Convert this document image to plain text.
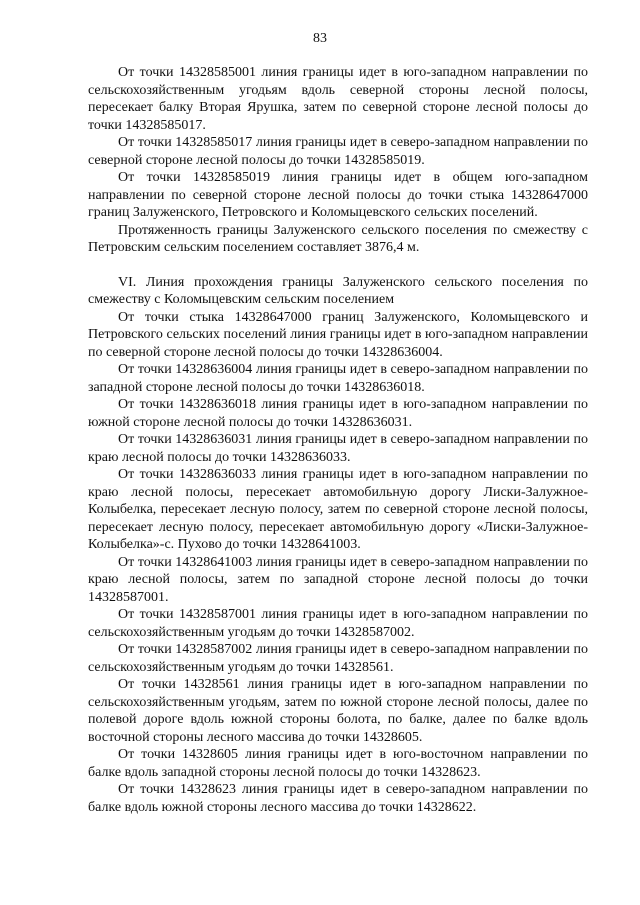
83

От точки 14328585001 линия границы идет в юго-западном направлении по сельскохозяйственным угодьям вдоль северной стороны лесной полосы, пересекает балку Вторая Ярушка, затем по северной стороне лесной полосы до точки 14328585017.

От точки 14328585017 линия границы идет в северо-западном направлении по северной стороне лесной полосы до точки 14328585019.

От точки 14328585019 линия границы идет в общем юго-западном направлении по северной стороне лесной полосы до точки стыка 14328647000 границ Залуженского, Петровского и Коломыцевского сельских поселений.

Протяженность границы Залуженского сельского поселения по смежеству с Петровским сельским поселением составляет 3876,4 м.

VI. Линия прохождения границы Залуженского сельского поселения по смежеству с Коломыцевским сельским поселением

От точки стыка 14328647000 границ Залуженского, Коломыцевского и Петровского сельских поселений линия границы идет в юго-западном направлении по северной стороне лесной полосы до точки 14328636004.

От точки 14328636004 линия границы идет в северо-западном направлении по западной стороне лесной полосы до точки 14328636018.

От точки 14328636018 линия границы идет в юго-западном направлении по южной стороне лесной полосы до точки 14328636031.

От точки 14328636031 линия границы идет в северо-западном направлении по краю лесной полосы до точки 14328636033.

От точки 14328636033 линия границы идет в юго-западном направлении по краю лесной полосы, пересекает автомобильную дорогу Лиски-Залужное-Колыбелка, пересекает лесную полосу, затем по северной стороне лесной полосы, пересекает лесную полосу, пересекает автомобильную дорогу «Лиски-Залужное-Колыбелка»-с. Пухово до точки 14328641003.

От точки 14328641003 линия границы идет в северо-западном направлении по краю лесной полосы, затем по западной стороне лесной полосы до точки 14328587001.

От точки 14328587001 линия границы идет в юго-западном направлении по сельскохозяйственным угодьям до точки 14328587002.

От точки 14328587002 линия границы идет в северо-западном направлении по сельскохозяйственным угодьям до точки 14328561.

От точки 14328561 линия границы идет в юго-западном направлении по сельскохозяйственным угодьям, затем по южной стороне лесной полосы, далее по полевой дороге вдоль южной стороны болота, по балке, далее по балке вдоль восточной стороны лесного массива до точки 14328605.

От точки 14328605 линия границы идет в юго-восточном направлении по балке вдоль западной стороны лесной полосы до точки 14328623.

От точки 14328623 линия границы идет в северо-западном направлении по балке вдоль южной стороны лесного массива до точки 14328622.
